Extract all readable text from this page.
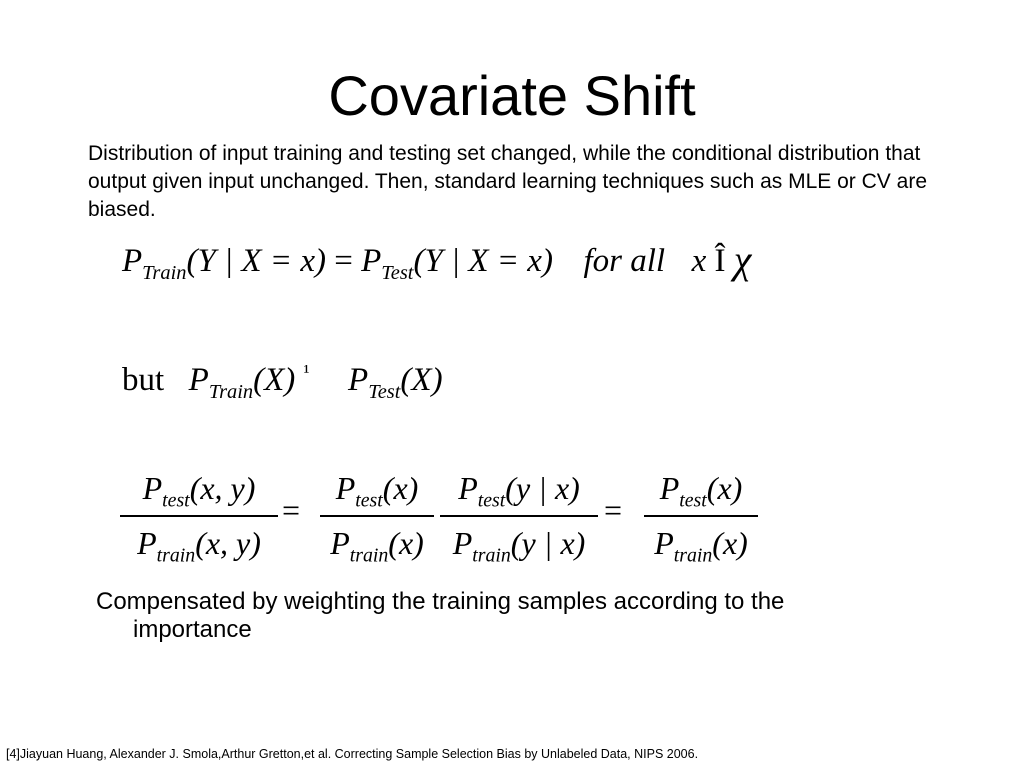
Covariate Shift
Distribution of input training and testing set changed, while the conditional distribution that output given input unchanged. Then, standard learning techniques such as MLE or CV are biased.
$P_{Train}(Y$ | $X = x) = P_{Test}(Y$ | X = x) for all x Î χ
but $P_{Train}(X)$ $^{^1}$ $P_{Test}(X)$
$P_{test}(x$, y)
$P_{train}(x$, y)
=
$P_{test}(x)$
$P_{train}(x)$
$P_{test}(y$ | x)
$P_{train}(y$ | x)
=
$P_{test}(x)$
$P_{train}(x)$
Compensated by weighting the training samples according to the
importance
[4]Jiayuan Huang, Alexander J. Smola,Arthur Gretton,et al. Correcting Sample Selection Bias by Unlabeled Data, NIPS 2006.
